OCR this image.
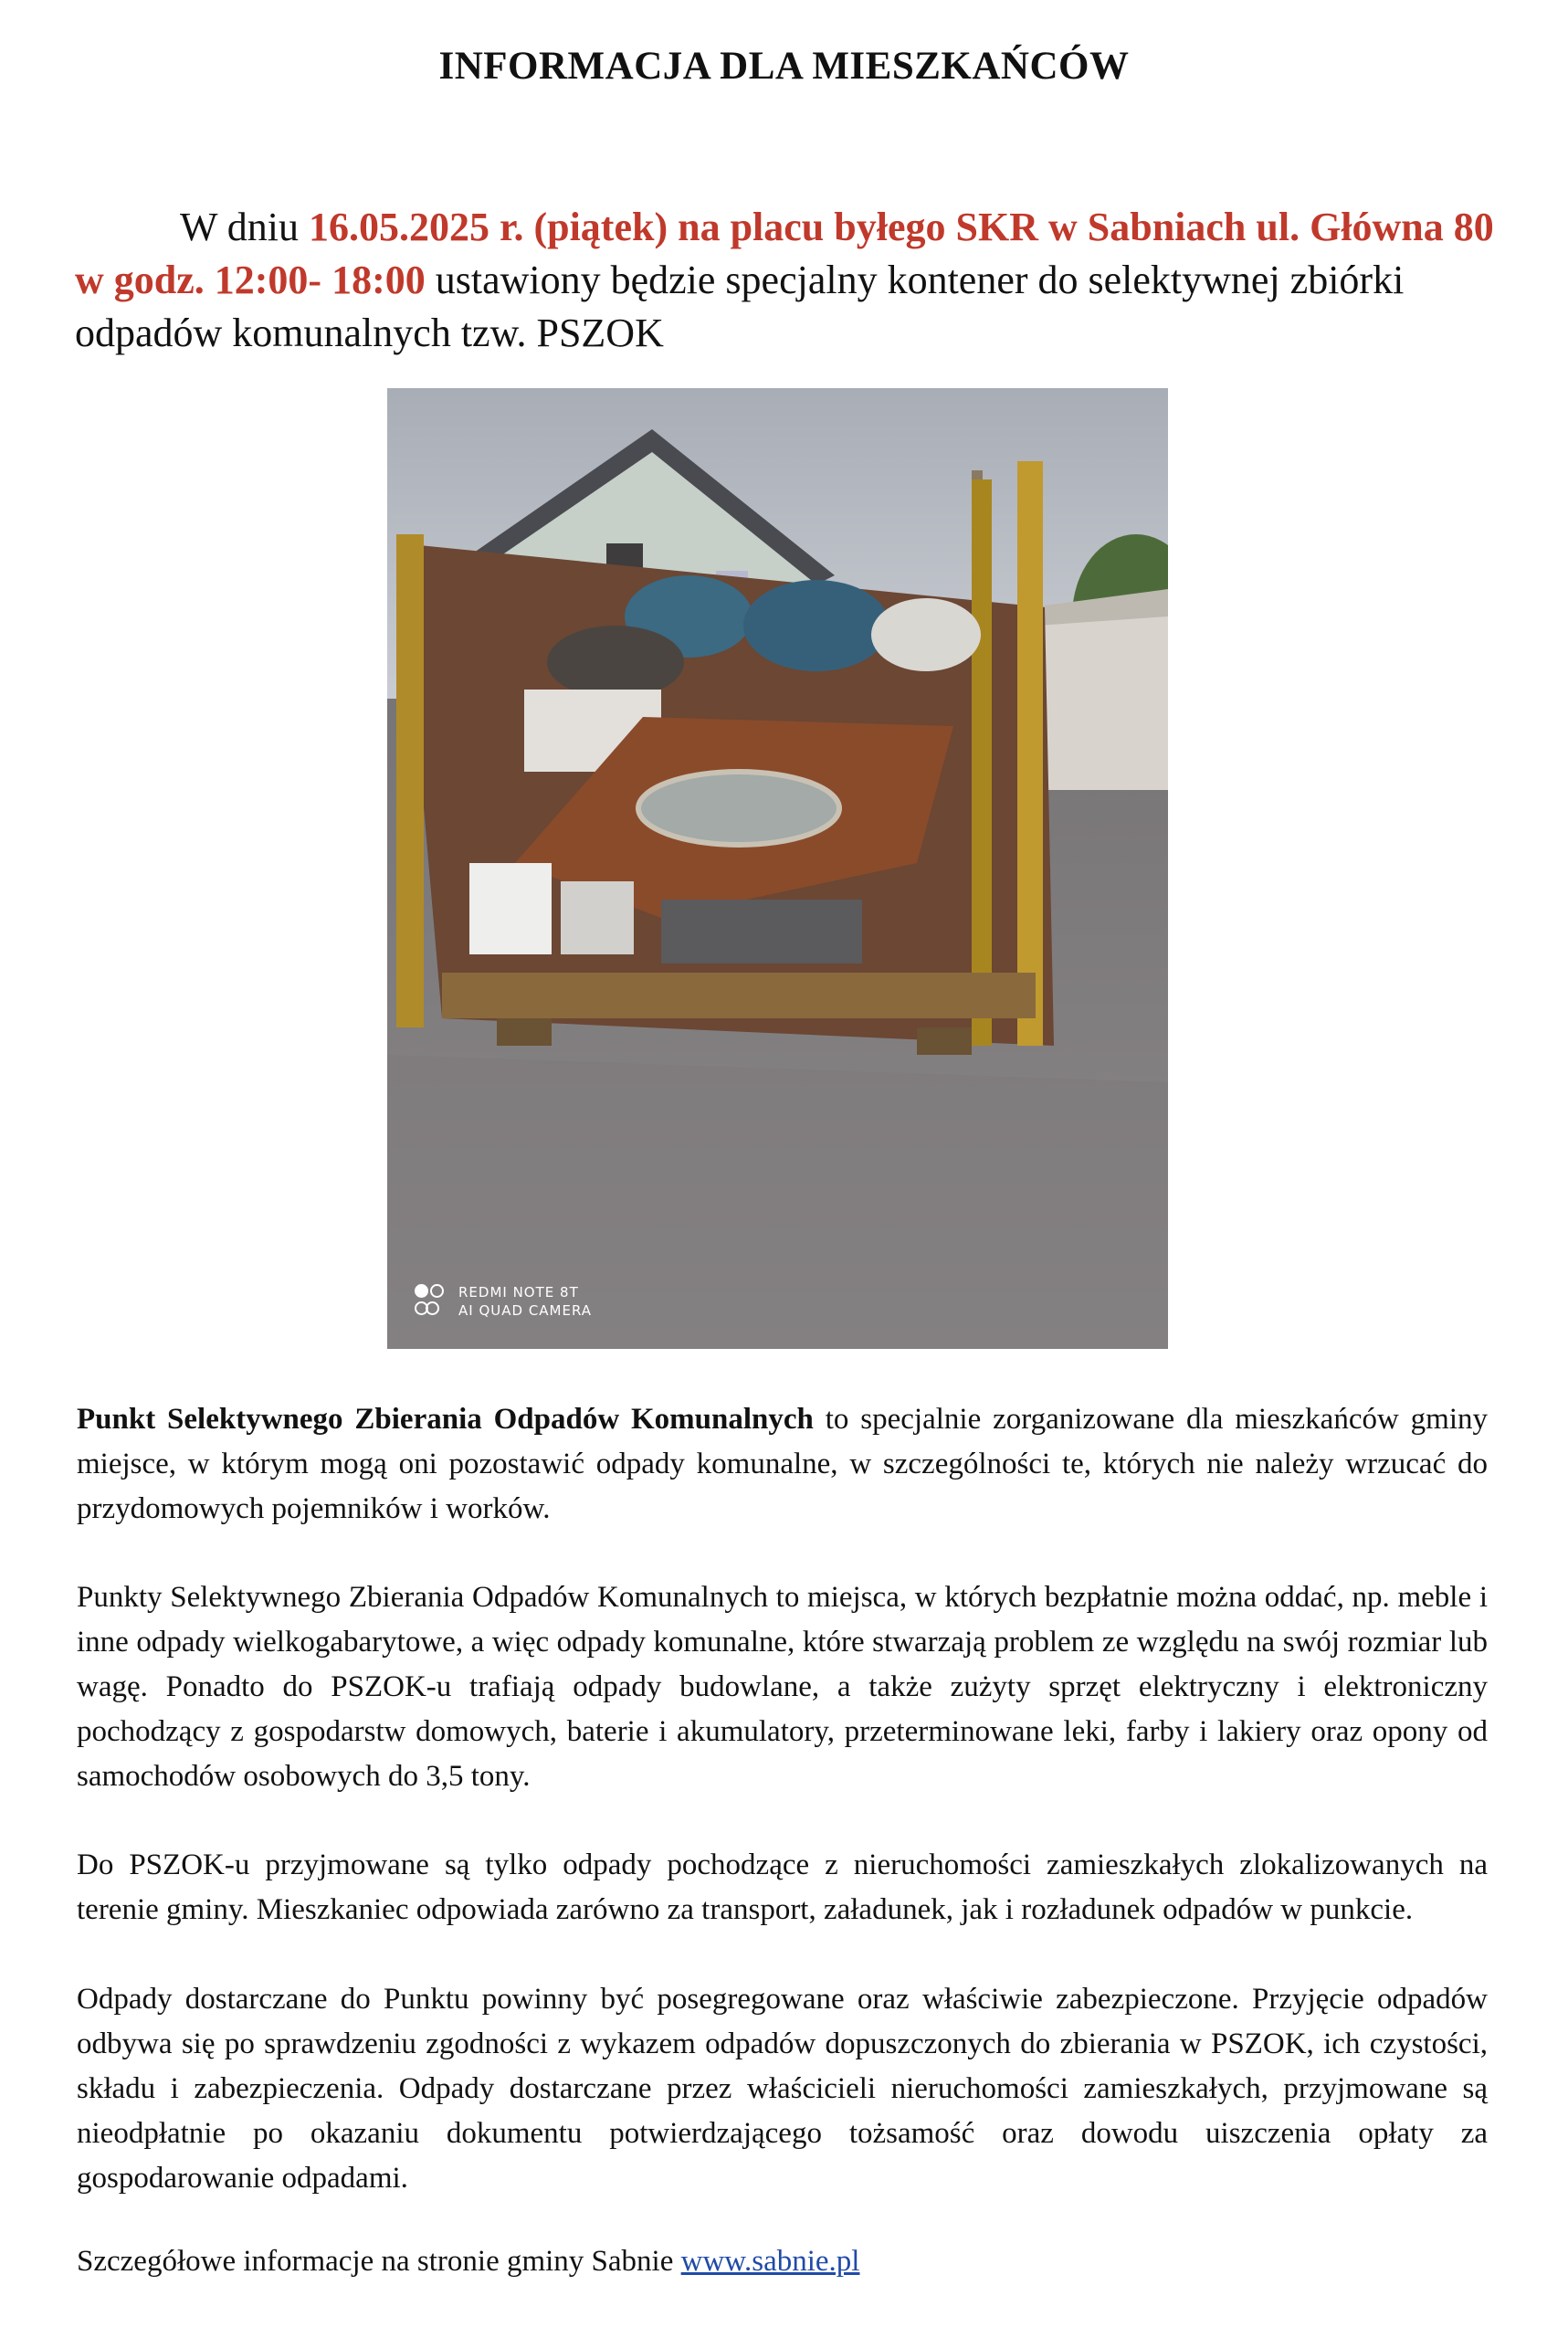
INFORMACJA DLA MIESZKAŃCÓW

W dniu 16.05.2025 r. (piątek) na placu byłego SKR w Sabniach ul. Główna 80 w godz. 12:00- 18:00 ustawiony będzie specjalny kontener do selektywnej zbiórki odpadów komunalnych tzw. PSZOK

REDMI NOTE 8T
AI QUAD CAMERA

Punkt Selektywnego Zbierania Odpadów Komunalnych to specjalnie zorganizowane dla mieszkańców gminy miejsce, w którym mogą oni pozostawić odpady komunalne, w szczególności te, których nie należy wrzucać do przydomowych pojemników i worków.

Punkty Selektywnego Zbierania Odpadów Komunalnych to miejsca, w których bezpłatnie można oddać, np. meble i inne odpady wielkogabarytowe, a więc odpady komunalne, które stwarzają problem ze względu na swój rozmiar lub wagę. Ponadto do PSZOK-u trafiają odpady budowlane, a także zużyty sprzęt elektryczny i elektroniczny pochodzący z gospodarstw domowych, baterie i akumulatory, przeterminowane leki, farby i lakiery oraz opony od samochodów osobowych do 3,5 tony.

Do PSZOK-u przyjmowane są tylko odpady pochodzące z nieruchomości zamieszkałych zlokalizowanych na terenie gminy. Mieszkaniec odpowiada zarówno za transport, załadunek, jak i rozładunek odpadów w punkcie.

Odpady dostarczane do Punktu powinny być posegregowane oraz właściwie zabezpieczone. Przyjęcie odpadów odbywa się po sprawdzeniu zgodności z wykazem odpadów dopuszczonych do zbierania w PSZOK, ich czystości, składu i zabezpieczenia. Odpady dostarczane przez właścicieli nieruchomości zamieszkałych, przyjmowane są nieodpłatnie po okazaniu dokumentu potwierdzającego tożsamość oraz dowodu uiszczenia opłaty za gospodarowanie odpadami.

Szczegółowe informacje na stronie gminy Sabnie www.sabnie.pl
